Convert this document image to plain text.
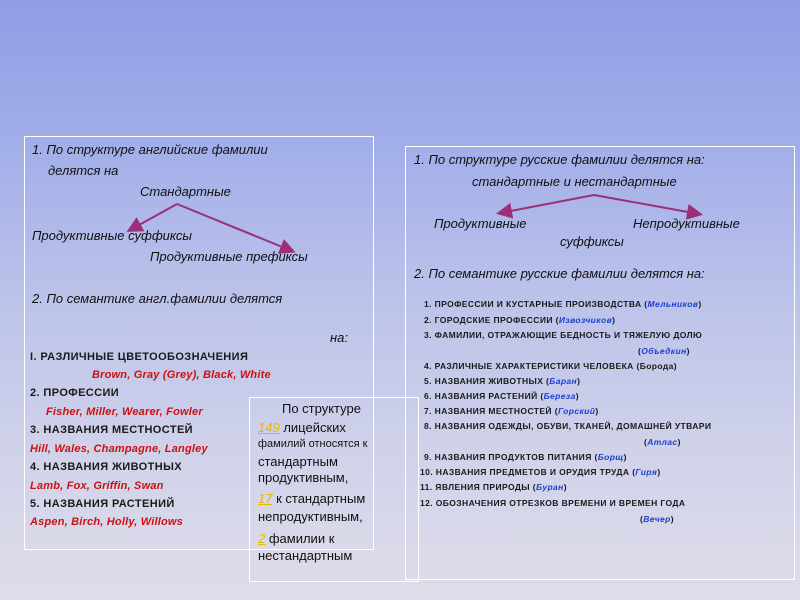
1. По структуре английские фамилии
делятся на
Стандартные
Продуктивные суффиксы
Продуктивные префиксы
2. По семантике англ.фамилии делятся
на:
I. РАЗЛИЧНЫЕ ЦВЕТООБОЗНАЧЕНИЯ
Brown, Gray (Grey), Black, White
2. ПРОФЕССИИ
Fisher, Miller, Wearer, Fowler
3. НАЗВАНИЯ МЕСТНОСТЕЙ
Hill, Wales, Champagne, Langley
4. НАЗВАНИЯ ЖИВОТНЫХ
Lamb, Fox, Griffin, Swan
5. НАЗВАНИЯ РАСТЕНИЙ
Aspen, Birch, Holly, Willows
1. По структуре русские фамилии делятся на:
стандартные и нестандартные
Продуктивные	Непродуктивные
суффиксы
2. По семантике русские фамилии делятся на:
1. ПРОФЕССИИ И КУСТАРНЫЕ ПРОИЗВОДСТВА (Мельников)
2. ГОРОДСКИЕ ПРОФЕССИИ (Извозчиков)
3. ФАМИЛИИ, ОТРАЖАЮЩИЕ БЕДНОСТЬ И ТЯЖЕЛУЮ ДОЛЮ
(Объедкин)
4. РАЗЛИЧНЫЕ ХАРАКТЕРИСТИКИ ЧЕЛОВЕКА (Борода)
5. НАЗВАНИЯ ЖИВОТНЫХ (Баран)
6. НАЗВАНИЯ РАСТЕНИЙ (Береза)
7. НАЗВАНИЯ МЕСТНОСТЕЙ (Горский)
8. НАЗВАНИЯ ОДЕЖДЫ, ОБУВИ, ТКАНЕЙ, ДОМАШНЕЙ УТВАРИ
(Атлас)
9. НАЗВАНИЯ ПРОДУКТОВ ПИТАНИЯ (Борщ)
10. НАЗВАНИЯ ПРЕДМЕТОВ И ОРУДИЯ ТРУДА (Гиря)
11. ЯВЛЕНИЯ ПРИРОДЫ (Буран)
12. ОБОЗНАЧЕНИЯ ОТРЕЗКОВ ВРЕМЕНИ И ВРЕМЕН ГОДА
(Вечер)
По структуре
149 лицейских
фамилий относятся к
стандартным
продуктивным,
17 к стандартным
непродуктивным,
2 фамилии к
нестандартным
